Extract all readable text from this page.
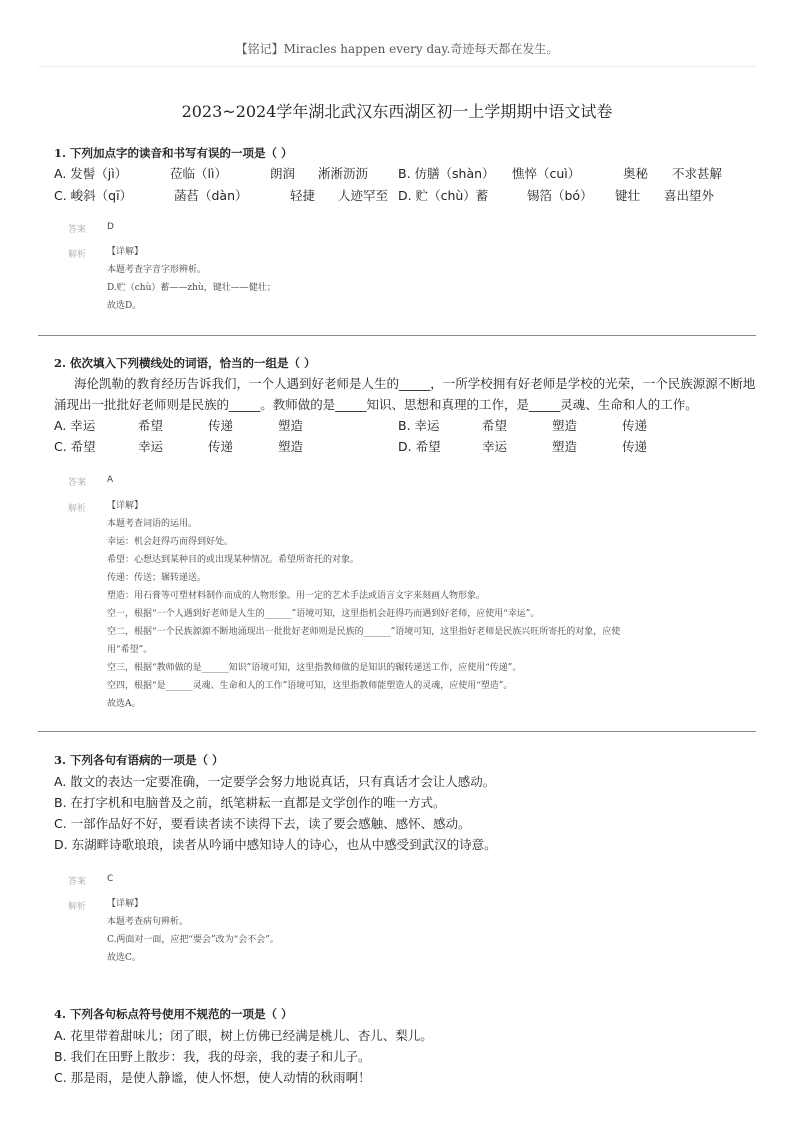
【铭记】Miracles happen every day.奇迹每天都在发生。
2023~2024学年湖北武汉东西湖区初一上学期期中语文试卷
1. 下列加点字的读音和书写有误的一项是（ ）
A. 发髻（jì）	莅临（lì）	朗润 淅淅沥沥 B. 仿膳（shàn） 憔悴（cuì）	奥秘 不求甚解
C. 峻斜（qī）	菡萏（dàn）	轻捷 人迹罕至 D. 贮（chù）蓄	锡箔（bó） 键壮 喜出望外
答案 D
解析 【详解】
本题考查字音字形辨析。
D.贮（chù）蓄——zhù，键壮——健壮；
故选D。
2. 依次填入下列横线处的词语，恰当的一组是（ ）
海伦凯勒的教育经历告诉我们，一个人遇到好老师是人生的_____，一所学校拥有好老师是学校的光荣，一个民族源源不断地
涌现出一批批好老师则是民族的_____。教师做的是_____知识、思想和真理的工作，是_____灵魂、生命和人的工作。
A. 幸运	希望	传递	塑造	B. 幸运	希望	塑造	传递
C. 希望	幸运	传递	塑造	D. 希望	幸运	塑造	传递
答案 A
解析 【详解】
本题考查词语的运用。
幸运：机会赶得巧而得到好处。
希望：心想达到某种目的或出现某种情况。希望所寄托的对象。
传递：传送；辗转递送。
塑造：用石膏等可塑材料制作而成的人物形象。用一定的艺术手法或语言文字来刻画人物形象。
空一，根据“一个人遇到好老师是人生的______”语境可知，这里指机会赶得巧而遇到好老师，应使用“幸运”。
空二，根据“一个民族源源不断地涌现出一批批好老师则是民族的______”语境可知，这里指好老师是民族兴旺所寄托的对象，应使
用“希望”。
空三，根据“教师做的是______知识”语境可知，这里指教师做的是知识的辗转递送工作，应使用“传递”。
空四，根据“是______灵魂、生命和人的工作”语境可知，这里指教师能塑造人的灵魂，应使用“塑造”。
故选A。
3. 下列各句有语病的一项是（ ）
A. 散文的表达一定要准确，一定要学会努力地说真话，只有真话才会让人感动。
B. 在打字机和电脑普及之前，纸笔耕耘一直都是文学创作的唯一方式。
C. 一部作品好不好，要看读者读不读得下去，读了要会感触、感怀、感动。
D. 东湖畔诗歌琅琅，读者从吟诵中感知诗人的诗心，也从中感受到武汉的诗意。
答案 C
解析 【详解】
本题考查病句辨析。
C.两面对一面，应把“要会”改为“会不会”。
故选C。
4. 下列各句标点符号使用不规范的一项是（ ）
A. 花里带着甜味儿；闭了眼，树上仿佛已经满是桃儿、杏儿、梨儿。
B. 我们在田野上散步：我，我的母亲，我的妻子和儿子。
C. 那是雨，是使人静谧，使人怀想，使人动情的秋雨啊！
